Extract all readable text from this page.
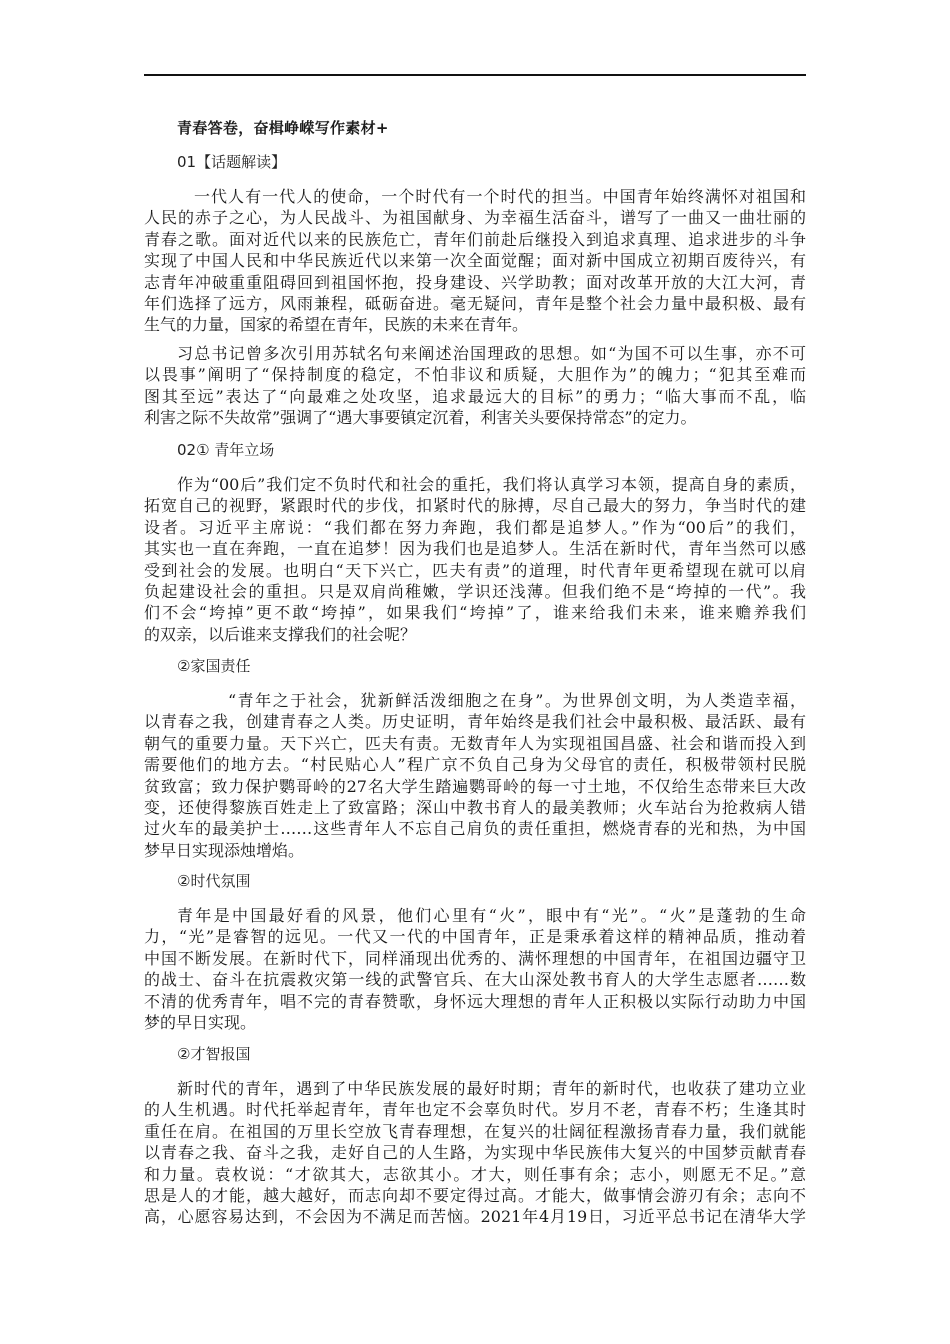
青春答卷，奋楫峥嵘写作素材+
01【话题解读】
一代人有一代人的使命，一个时代有一个时代的担当。中国青年始终满怀对祖国和
人民的赤子之心，为人民战斗、为祖国献身、为幸福生活奋斗，谱写了一曲又一曲壮丽的
青春之歌。面对近代以来的民族危亡，青年们前赴后继投入到追求真理、追求进步的斗争
实现了中国人民和中华民族近代以来第一次全面觉醒；面对新中国成立初期百废待兴，有
志青年冲破重重阻碍回到祖国怀抱，投身建设、兴学助教；面对改革开放的大江大河，青
年们选择了远方，风雨兼程，砥砺奋进。毫无疑问，青年是整个社会力量中最积极、最有
生气的力量，国家的希望在青年，民族的未来在青年。
习总书记曾多次引用苏轼名句来阐述治国理政的思想。如“为国不可以生事，亦不可
以畏事”阐明了“保持制度的稳定，不怕非议和质疑，大胆作为”的魄力；“犯其至难而
图其至远”表达了“向最难之处攻坚，追求最远大的目标”的勇力；“临大事而不乱，临
利害之际不失故常”强调了“遇大事要镇定沉着，利害关头要保持常态”的定力。
02① 青年立场
作为“00后”我们定不负时代和社会的重托，我们将认真学习本领，提高自身的素质，
拓宽自己的视野，紧跟时代的步伐，扣紧时代的脉搏，尽自己最大的努力，争当时代的建
设者。习近平主席说：“我们都在努力奔跑，我们都是追梦人。”作为“00后”的我们，
其实也一直在奔跑，一直在追梦！因为我们也是追梦人。生活在新时代，青年当然可以感
受到社会的发展。也明白“天下兴亡，匹夫有责”的道理，时代青年更希望现在就可以肩
负起建设社会的重担。只是双肩尚稚嫩，学识还浅薄。但我们绝不是“垮掉的一代”。我
们不会“垮掉”更不敢“垮掉”，如果我们“垮掉”了，谁来给我们未来，谁来赡养我们
的双亲，以后谁来支撑我们的社会呢？
②家国责任
“青年之于社会，犹新鲜活泼细胞之在身”。为世界创文明，为人类造幸福，
以青春之我，创建青春之人类。历史证明，青年始终是我们社会中最积极、最活跃、最有
朝气的重要力量。天下兴亡，匹夫有责。无数青年人为实现祖国昌盛、社会和谐而投入到
需要他们的地方去。“村民贴心人”程广京不负自己身为父母官的责任，积极带领村民脱
贫致富；致力保护鹦哥岭的27名大学生踏遍鹦哥岭的每一寸土地，不仅给生态带来巨大改
变，还使得黎族百姓走上了致富路；深山中教书育人的最美教师；火车站台为抢救病人错
过火车的最美护士……这些青年人不忘自己肩负的责任重担，燃烧青春的光和热，为中国
梦早日实现添烛增焰。
②时代氛围
青年是中国最好看的风景，他们心里有“火”，眼中有“光”。“火”是蓬勃的生命
力，“光”是睿智的远见。一代又一代的中国青年，正是秉承着这样的精神品质，推动着
中国不断发展。在新时代下，同样涌现出优秀的、满怀理想的中国青年，在祖国边疆守卫
的战士、奋斗在抗震救灾第一线的武警官兵、在大山深处教书育人的大学生志愿者……数
不清的优秀青年，唱不完的青春赞歌，身怀远大理想的青年人正积极以实际行动助力中国
梦的早日实现。
②才智报国
新时代的青年，遇到了中华民族发展的最好时期；青年的新时代，也收获了建功立业
的人生机遇。时代托举起青年，青年也定不会辜负时代。岁月不老，青春不朽；生逢其时
重任在肩。在祖国的万里长空放飞青春理想，在复兴的壮阔征程激扬青春力量，我们就能
以青春之我、奋斗之我，走好自己的人生路，为实现中华民族伟大复兴的中国梦贡献青春
和力量。袁枚说：“才欲其大，志欲其小。才大，则任事有余；志小，则愿无不足。”意
思是人的才能，越大越好，而志向却不要定得过高。才能大，做事情会游刃有余；志向不
高，心愿容易达到，不会因为不满足而苦恼。2021年4月19日，习近平总书记在清华大学
